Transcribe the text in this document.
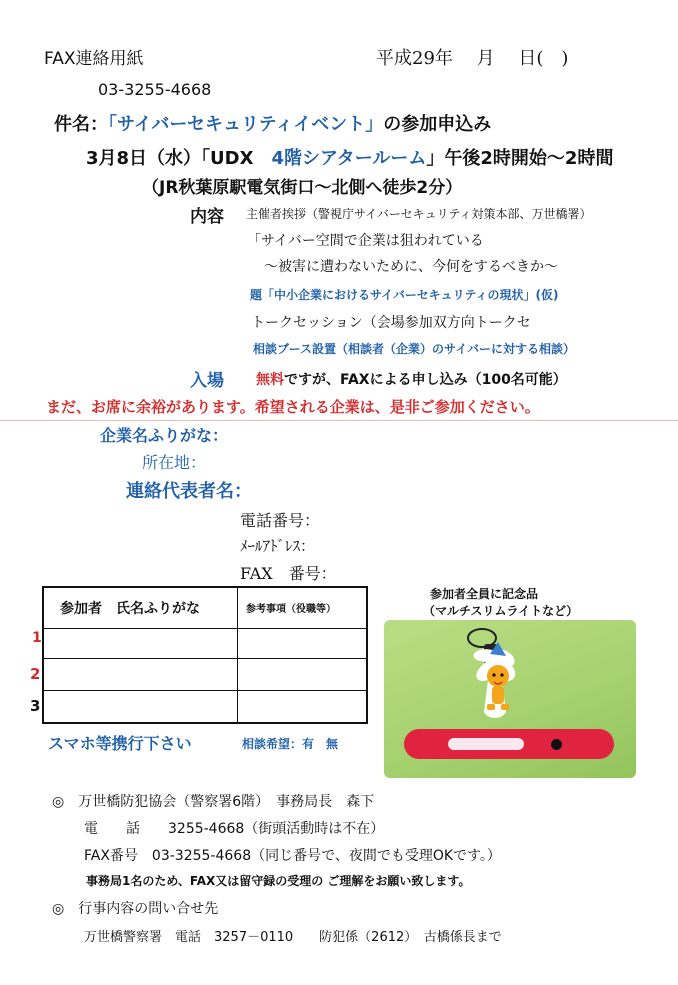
FAX連絡用紙	平成29年　 月　 日(　)
03-3255-4668
件名：「サイバーセキュリティイベント」の参加申込み
3月8日（水）「UDX　4階シアタールーム」午後2時開始～2時間
（JR秋葉原駅電気街口～北側へ徒歩2分）
内容 主催者挨拶（警視庁サイバーセキュリティ対策本部、万世橋署）
「サイバー空間で企業は狙われている
～被害に遭わないために、今何をするべきか～
題「中小企業におけるサイバーセキュリティの現状」(仮)
トークセッション（会場参加双方向トークセ
相談ブース設置（相談者（企業）のサイバーに対する相談）
入場 無料ですが、FAXによる申し込み（100名可能）
まだ、お席に余裕があります。希望される企業は、是非ご参加ください。
企業名ふりがな：
所在地：
連絡代表者名：
電話番号：
ﾒｰﾙｱﾄﾞﾚｽ：
FAX　番号：
参加者　氏名ふりがな	参考事項（役職等）
1
2
3
スマホ等携行下さい	相談希望：有　無
参加者全員に記念品
（マルチスリムライトなど）
◎　万世橋防犯協会（警察署6階）　事務局長　森下
電　　話　　3255-4668（街頭活動時は不在）
FAX番号　03-3255-4668（同じ番号で、夜間でも受理OKです。）
事務局1名のため、FAX又は留守録の受理の ご理解をお願い致します。
◎　行事内容の問い合せ先
万世橋警察署　電話　3257－0110　　防犯係（2612）　古橋係長まで
